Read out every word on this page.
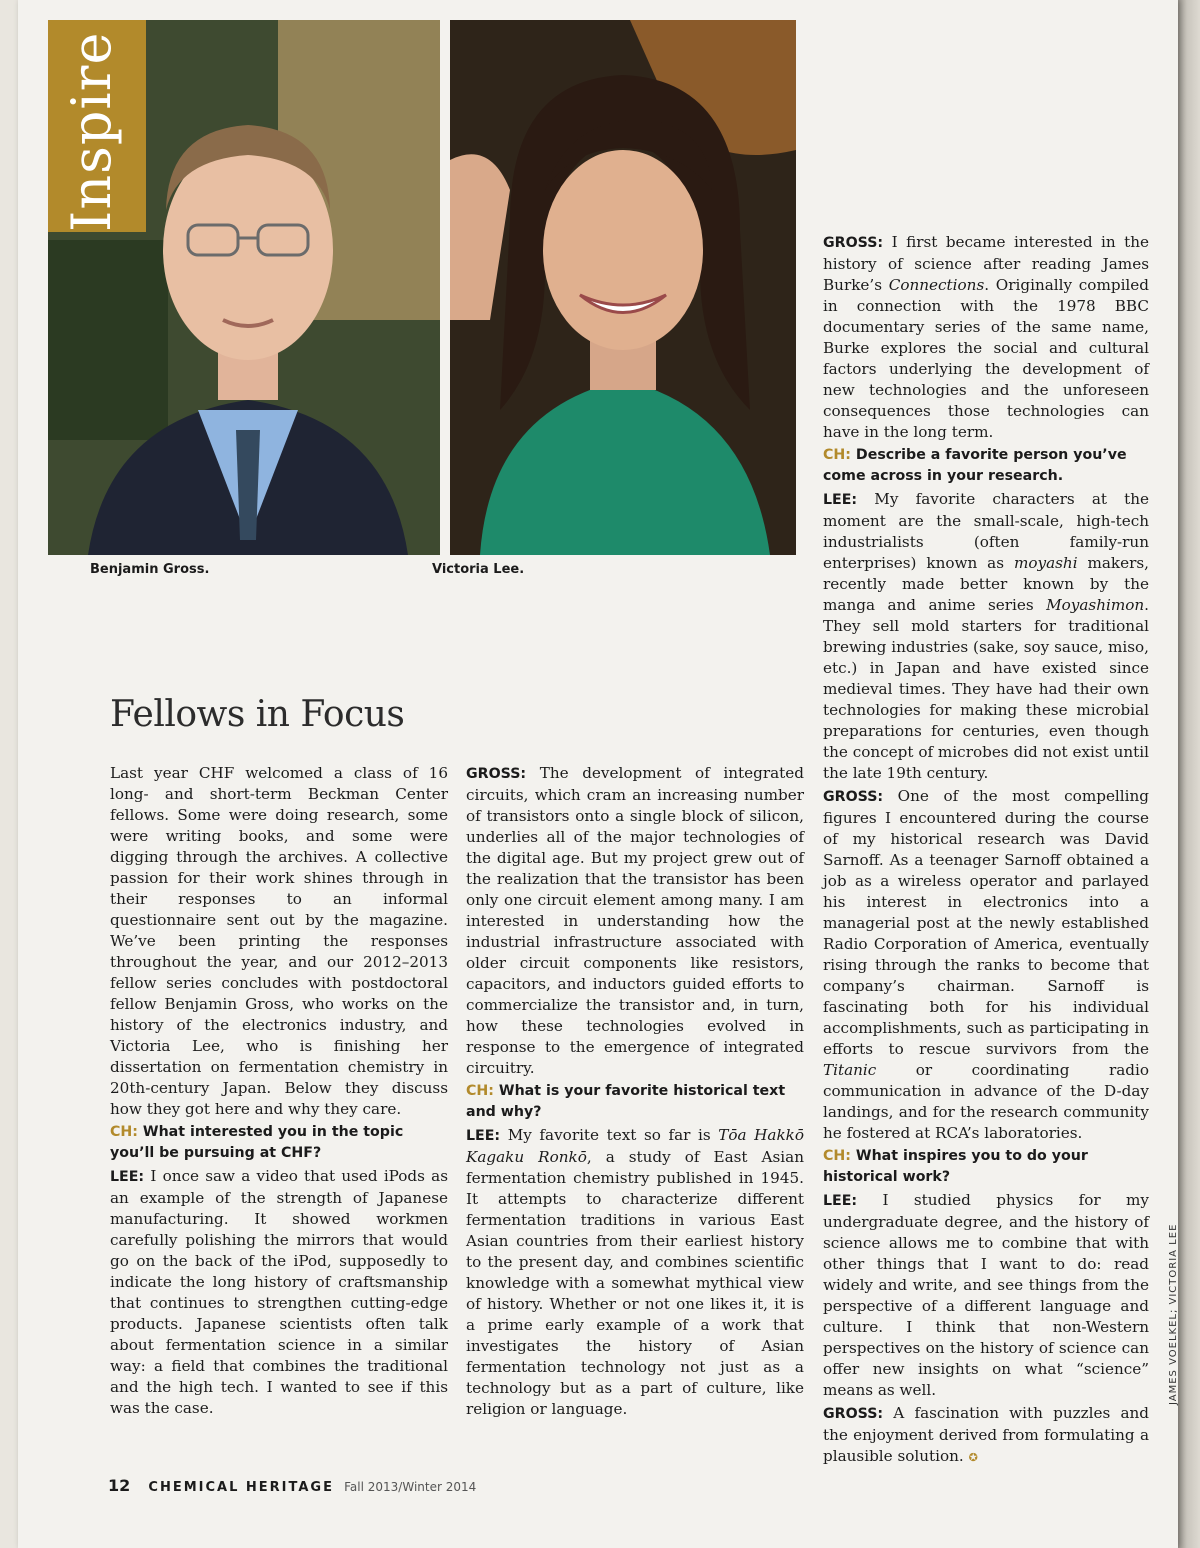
Inspire
Benjamin Gross.	Victoria Lee.
Fellows in Focus

Last year CHF welcomed a class of 16 long- and short-term Beckman Center fellows. Some were doing research, some were writing books, and some were digging through the archives. A collective passion for their work shines through in their responses to an informal questionnaire sent out by the magazine. We’ve been printing the responses throughout the year, and our 2012–2013 fellow series concludes with postdoctoral fellow Benjamin Gross, who works on the history of the electronics industry, and Victoria Lee, who is finishing her dissertation on fermentation chemistry in 20th-century Japan. Below they discuss how they got here and why they care.

CH: What interested you in the topic you’ll be pursuing at CHF?

LEE: I once saw a video that used iPods as an example of the strength of Japanese manufacturing. It showed workmen carefully polishing the mirrors that would go on the back of the iPod, supposedly to indicate the long history of craftsmanship that continues to strengthen cutting-edge products. Japanese scientists often talk about fermentation science in a similar way: a field that combines the traditional and the high tech. I wanted to see if this was the case.

GROSS: The development of integrated circuits, which cram an increasing number of transistors onto a single block of silicon, underlies all of the major technologies of the digital age. But my project grew out of the realization that the transistor has been only one circuit element among many. I am interested in understanding how the industrial infrastructure associated with older circuit components like resistors, capacitors, and inductors guided efforts to commercialize the transistor and, in turn, how these technologies evolved in response to the emergence of integrated circuitry.

CH: What is your favorite historical text and why?

LEE: My favorite text so far is Tōa Hakkō Kagaku Ronkō, a study of East Asian fermentation chemistry published in 1945. It attempts to characterize different fermentation traditions in various East Asian countries from their earliest history to the present day, and combines scientific knowledge with a somewhat mythical view of history. Whether or not one likes it, it is a prime early example of a work that investigates the history of Asian fermentation technology not just as a technology but as a part of culture, like religion or language.

GROSS: I first became interested in the history of science after reading James Burke’s Connections. Originally compiled in connection with the 1978 BBC documentary series of the same name, Burke explores the social and cultural factors underlying the development of new technologies and the unforeseen consequences those technologies can have in the long term.

CH: Describe a favorite person you’ve come across in your research.

LEE: My favorite characters at the moment are the small-scale, high-tech industrialists (often family-run enterprises) known as moyashi makers, recently made better known by the manga and anime series Moyashimon. They sell mold starters for traditional brewing industries (sake, soy sauce, miso, etc.) in Japan and have existed since medieval times. They have had their own technologies for making these microbial preparations for centuries, even though the concept of microbes did not exist until the late 19th century.

GROSS: One of the most compelling figures I encountered during the course of my historical research was David Sarnoff. As a teenager Sarnoff obtained a job as a wireless operator and parlayed his interest in electronics into a managerial post at the newly established Radio Corporation of America, eventually rising through the ranks to become that company’s chairman. Sarnoff is fascinating both for his individual accomplishments, such as participating in efforts to rescue survivors from the Titanic	or coordinating radio communication in advance of the D-day landings, and for the research community he fostered at RCA’s laboratories.

CH: What inspires you to do your historical work?

LEE: I studied physics for my undergraduate degree, and the history of science allows me to combine that with other things that I want to do: read widely and write, and see things from the perspective of a different language and culture. I think that non-Western perspectives on the history of science can offer new insights on what “science” means as well.

GROSS: A fascination with puzzles and the enjoyment derived from formulating a plausible solution. ✪

12 CHEMICAL HERITAGE Fall 2013/Winter 2014
JAMES VOELKEL; VICTORIA LEE
